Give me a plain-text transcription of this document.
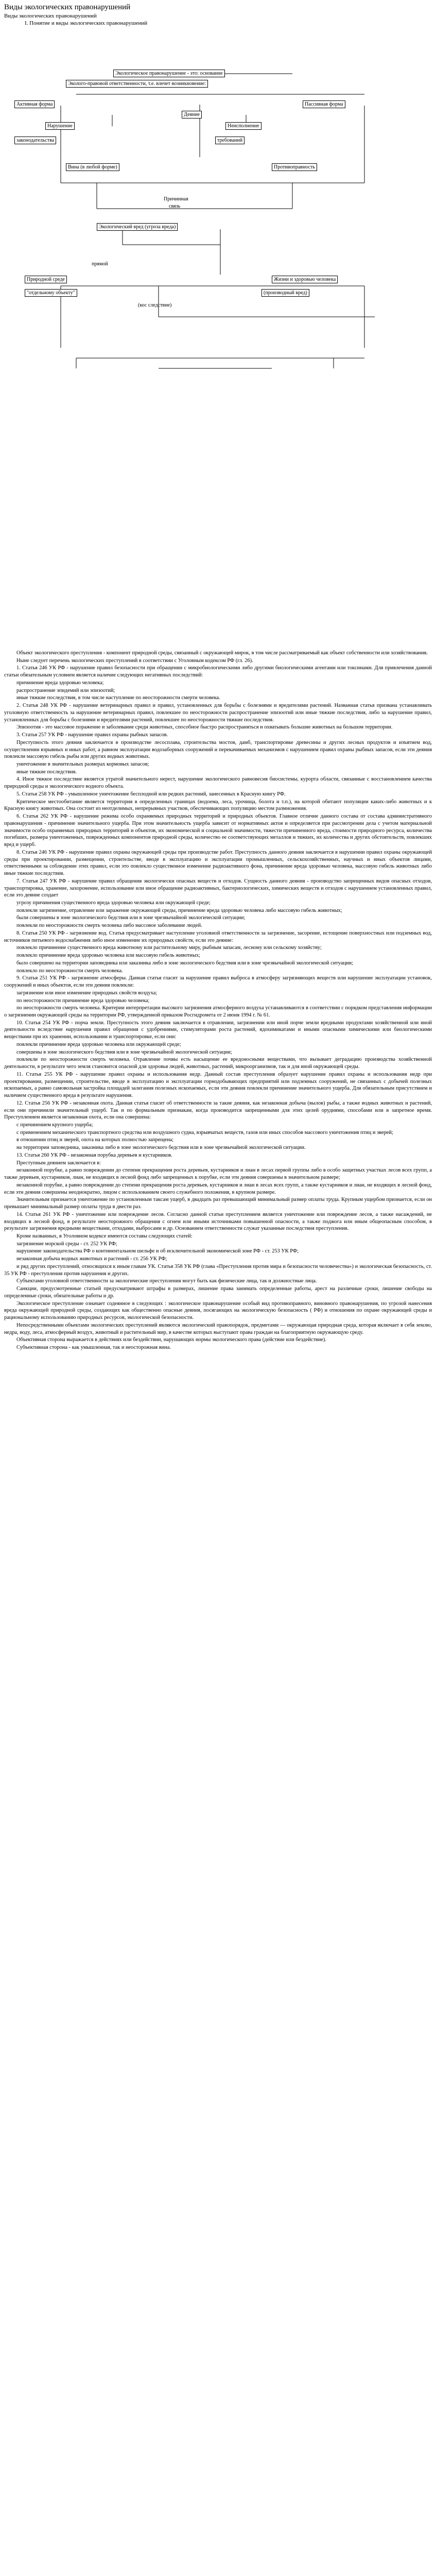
Виды экологических правонарушений
Виды экологических правонарушений
I. Понятие и виды экологических правонарушений
Экологическое правонарушение - это: основание
Эколого-правовой ответственности, т.е. влечет возникновение:
Активная форма	Пассивная форма
Деяние
Нарушение	Неисполнение
законодательства	требований
Вина (в любой форме)	Противоправность
Причинная
связь
Экологический вред (угроза вреда)
прямой
Природной среде	Жизни и здоровью человека
"отдельному объекту"	(производный вред)
(кос следствие)

Объект экологического преступления - компонент природной среды, связанный с окружающей мирок, в том числе рассматриваемый как объект собственности или хозяйствования.

Ныне следует перечень экологических преступлений в соответствии с Уголовным кодексом РФ (гл. 26).

1. Статья 246 УК РФ - нарушение правил безопасности при обращении с микробиологическими либо другими биологическими агентами или токсинами. Для привлечения данной статьи обязательным условием является наличие следующих негативных последствий:

причинение вреда здоровью человека;

распространение эпидемий или эпизоотий;

иные тяжкие последствия, в том числе наступление по неосторожности смерти человека.

2. Статья 248 УК РФ - нарушение ветеринарных правил и правил, установленных для борьбы с болезнями и вредителями растений. Названная статья призвана устанавливать уголовную ответственность за нарушение ветеринарных правил, повлекшее по неосторожности распространение эпизоотий или иные тяжкие последствия, либо за нарушение правил, установленных для борьбы с болезнями и вредителями растений, повлекшее по неосторожности тяжкие последствия.

Эпизоотия - это массовое поражение и заболевание среди животных, способное быстро распространяться и охватывать большие животных на большом территории.

3. Статья 257 УК РФ - нарушение правил охраны рыбных запасов.

Преступность этого деяния заключается в производстве лесосплава, строительства мостов, дамб, транспортировке древесины и других лесных продуктов и изъятием вод, осуществлении взрывных и иных работ, а равном эксплуатации водозаборных сооружений и перекачиваемых механизмов с нарушением правил охраны рыбных запасов, если эти деяния повлекли массовую гибель рыбы или других водных животных.

уничтожение в значительных размерах кормовых запасов;

иные тяжкие последствия.

4. Иное тяжкое последствие является утратой значительного нерест, нарушение экологического равновесия биосистемы, курорта области, связанные с восстановлением качества природной среды и экологического водного объекта.

5. Статья 258 УК РФ - умышленное уничтожение бесплодной или редких растений, занесенных в Красную книгу РФ.

Критическое местообитание является территория в определенных границах (водоема, леса, урочища, болота и т.п.), на которой обитают популяции каких-либо животных и к Красную книгу животных. Она состоит из неотделимых, непрерывных участков, обеспечивающих популяцию местом размножения.

6. Статья 262 УК РФ - нарушение режима особо охраняемых природных территорий и природных объектов. Главное отличие данного состава от состава административного правонарушения - причинение значительного ущерба. При этом значительность ущерба зависит от нормативных актов и определяется при рассмотрении дела с учетом материальной значимости особо охраняемых природных территорий и объектов, их экономической и социальной значимости, тяжести причиненного вреда, стоимости природного ресурса, количества погибших, размера уничтоженных, поврежденных компонентов природной среды, количество ее соответствующих металлов и тяжких, их количества и других обстоятельств, повлекших вред и ущерб.

8. Статья 246 УК РФ - нарушение правил охраны окружающей среды при производстве работ. Преступность данного деяния заключается в нарушении правил охраны окружающей среды при проектировании, размещении, строительстве, вводе в эксплуатацию и эксплуатации промышленных, сельскохозяйственных, научных и иных объектов лицами, ответственными за соблюдение этих правил, если это повлекло существенное изменение радиоактивного фона, причинение вреда здоровью человека, массовую гибель животных либо иные тяжкие последствия.

7. Статья 247 УК РФ - нарушение правил обращения экологически опасных веществ и отходов. Сущность данного деяния - производство запрещенных видов опасных отходов, транспортировка, хранение, захоронение, использование или иное обращение радиоактивных, бактериологических, химических веществ и отходов с нарушением установленных правил, если это деяние создает

угрозу причинения существенного вреда здоровью человека или окружающей среде;

повлекли загрязнение, отравление или заражение окружающей среды, причинение вреда здоровью человека либо массовую гибель животных;

были совершены в зоне экологического бедствия или в зоне чрезвычайной экологической ситуации;

повлекли по неосторожности смерть человека либо массовое заболевание людей.

8. Статья 250 УК РФ - загрязнение вод. Статья предусматривает наступление уголовной ответственности за загрязнение, засорение, истощение поверхностных или подземных вод, источников питьевого водоснабжения либо иное изменение их природных свойств, если это деяние:

повлекло причинение существенного вреда животному или растительному миру, рыбным запасам, лесному или сельскому хозяйству;

повлекло причинение вреда здоровью человека или массовую гибель животных;

было совершено на территории заповедника или заказника либо в зоне экологического бедствия или в зоне чрезвычайной экологической ситуации;

повлекло по неосторожности смерть человека.

9. Статья 251 УК РФ - загрязнение атмосферы. Данная статья гласит за нарушение правил выброса в атмосферу загрязняющих веществ или нарушение эксплуатации установок, сооружений и иных объектов, если эти деяния повлекли:

загрязнение или иное изменение природных свойств воздуха;

по неосторожности причинение вреда здоровью человека;

по неосторожности смерть человека. Критерии интерпретации высокого загрязнения атмосферного воздуха устанавливаются в соответствии с порядком представления информации о загрязнении окружающей среды на территории РФ, утвержденной приказом Росгидромета от 2 июня 1994 г. № 61.

10. Статья 254 УК РФ - порча земли. Преступность этого деяния заключается в отравлении, загрязнении или иной порче земли вредными продуктами хозяйственной или иной деятельности вследствие нарушения правил обращения с удобрениями, стимуляторами роста растений, ядохимикатами и иными опасными химическими или биологическими веществами при их хранении, использовании и транспортировке, если они:

повлекли причинение вреда здоровью человека или окружающей среде;

совершены в зоне экологического бедствия или в зоне чрезвычайной экологической ситуации;

повлекли по неосторожности смерть человека. Отравление почвы есть насыщение ее вредоносными веществами, что вызывает деградацию производства хозяйственной деятельности, в результате чего земля становится опасной для здоровья людей, животных, растений, микроорганизмов, так и для иной окружающей среды.

11. Статья 255 УК РФ - нарушение правил охраны и использования недр. Данный состав преступления образует нарушение правил охраны и использования недр при проектировании, размещении, строительстве, вводе в эксплуатацию и эксплуатации горнодобывающих предприятий или подземных сооружений, не связанных с добычей полезных ископаемых, а равно самовольная застройка площадей залегания полезных ископаемых, если эти деяния повлекли причинение значительного ущерба. Для обязательным присутствием и наличием существенного вреда в результате нарушения.

12. Статья 256 УК РФ - незаконная охота. Данная статья гласит об ответственности за такие деяния, как незаконная добыча (вылов) рыбы, а также водных животных и растений, если они причинили значительный ущерб. Так и по формальным признакам, когда производится запрещенными для этих целей орудиями, способами или в запретное время. Преступлением является незаконная охота, если она совершена:

с причинением крупного ущерба;

с применением механического транспортного средства или воздушного судна, взрывчатых веществ, газов или иных способов массового уничтожения птиц и зверей;

в отношении птиц и зверей, охота на которых полностью запрещена;

на территории заповедника, заказника либо в зоне экологического бедствия или в зоне чрезвычайной экологической ситуации.

13. Статья 260 УК РФ - незаконная порубка деревьев и кустарников.

Преступным деянием заключается в:

незаконной порубке, а равно повреждении до степени прекращения роста деревьев, кустарников и лиан в лесах первой группы либо в особо защитных участках лесов всех групп, а также деревьев, кустарников, лиан, не входящих в лесной фонд либо запрещенных к порубке, если эти деяния совершены в значительном размере;

незаконной порубке, а равно повреждении до степени прекращения роста деревьев, кустарников и лиан в лесах всех групп, а также кустарников и лиан, не входящих в лесной фонд, если эти деяния совершены неоднократно, лицом с использованием своего служебного положения, в крупном размере.

Значительным признается уничтожение по установленным таксам ущерб, в двадцать раз превышающий минимальный размер оплаты труда. Крупным ущербом признается, если он превышает минимальный размер оплаты труда в двести раз.

14. Статья 261 УК РФ - уничтожение или повреждение лесов. Согласно данной статьи преступлением является уничтожение или повреждение лесов, а также насаждений, не входящих в лесной фонд, в результате неосторожного обращения с огнем или иными источниками повышенной опасности, а также поджога или иным общеопасным способом, в результате загрязнения вредными веществами, отходами, выбросами и др. Основанием ответственности служат указанные последствия преступления.

Кроме названных, в Уголовном кодексе имеются составы следующих статей:

загрязнение морской среды - ст. 252 УК РФ;

нарушение законодательства РФ о континентальном шельфе и об исключительной экономической зоне РФ - ст. 253 УК РФ;

незаконная добыча водных животных и растений - ст. 256 УК РФ;

и ряд других преступлений, относящихся к иным главам УК. Статья 358 УК РФ (глава «Преступления против мира и безопасности человечества») и экологическая безопасность, ст. 35 УК РФ - преступления против нарушения и других.

Субъектами уголовной ответственности за экологические преступления могут быть как физические лица, так и должностные лица.

Санкции, предусмотренные статьей предусматривают штрафы в размерах, лишение права занимать определенные работы, арест на различные сроки, лишение свободы на определенные сроки, обязательные работы и др.

Экологическое преступление означает содеянное в следующих : экологическое правонарушение особый вид противоправного, виновного правонарушения, по угрозой нанесения вреда окружающей природной среды, создающих как общественно опасные деяния, посягающих на экологическую безопасность ( РФ) и отношения по охране окружающей среды и рациональному использованию природных ресурсов, экологической безопасности.

Непосредственными объектами экологических преступлений являются экологический правопорядок, предметами — окружающая природная среда, которая включает в себя землю, недра, воду, леса, атмосферный воздух, животный и растительный мир, в качестве которых выступают права граждан на благоприятную окружающую среду.

Объективная сторона выражается в действиях или бездействии, нарушающих нормы экологического права (действие или бездействие).

Субъективная сторона - как умышленная, так и неосторожная вина.
